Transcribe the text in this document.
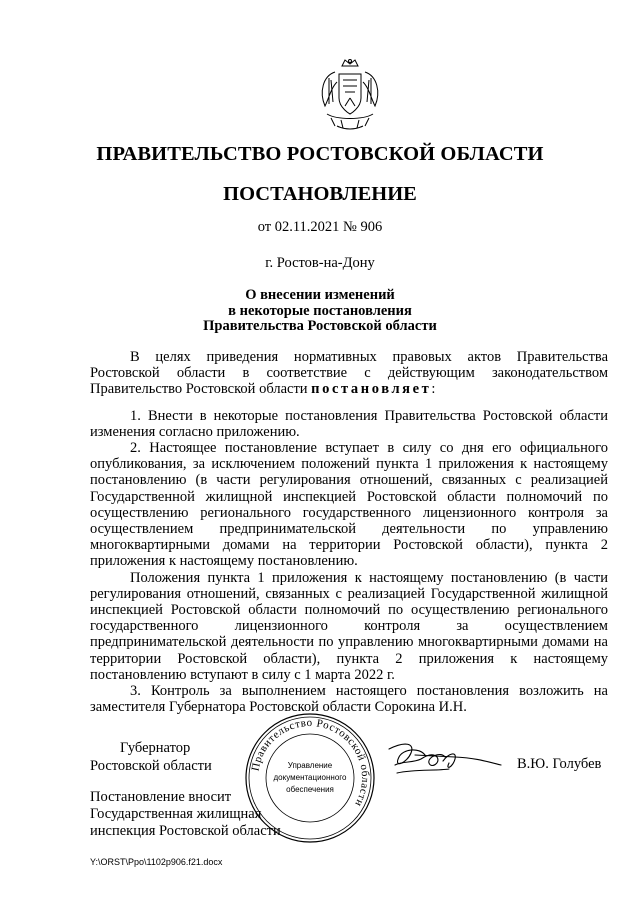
ПРАВИТЕЛЬСТВО РОСТОВСКОЙ ОБЛАСТИ
ПОСТАНОВЛЕНИЕ
от 02.11.2021 № 906
г. Ростов-на-Дону
О внесении изменений
в некоторые постановления
Правительства Ростовской области

В целях приведения нормативных правовых актов Правительства Ростовской области в соответствие с действующим законодательством Правительство Ростовской области постановляет:

1. Внести в некоторые постановления Правительства Ростовской области изменения согласно приложению.

2. Настоящее постановление вступает в силу со дня его официального опубликования, за исключением положений пункта 1 приложения к настоящему постановлению (в части регулирования отношений, связанных с реализацией Государственной жилищной инспекцией Ростовской области полномочий по осуществлению регионального государственного лицензионного контроля за осуществлением предпринимательской деятельности по управлению многоквартирными домами на территории Ростовской области), пункта 2 приложения к настоящему постановлению.

Положения пункта 1 приложения к настоящему постановлению (в части регулирования отношений, связанных с реализацией Государственной жилищной инспекцией Ростовской области полномочий по осуществлению регионального государственного лицензионного контроля за осуществлением предпринимательской деятельности по управлению многоквартирными домами на территории Ростовской области), пункта 2 приложения к настоящему постановлению вступают в силу с 1 марта 2022 г.

3. Контроль за выполнением настоящего постановления возложить на заместителя Губернатора Ростовской области Сорокина И.Н.

Губернатор
Ростовской области
Постановление вносит
Государственная жилищная
инспекция Ростовской области
Правительство Ростовской области
Управление
документационного
обеспечения
В.Ю. Голубев
Y:\ORST\Ppo\1102p906.f21.docx
